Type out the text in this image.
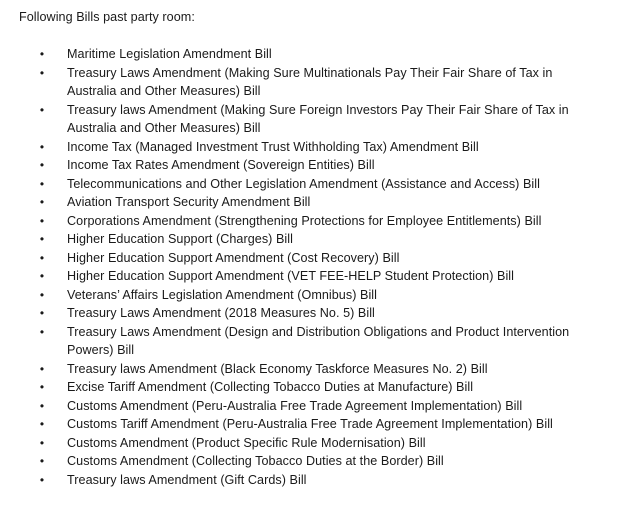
Following Bills past party room:

• Maritime Legislation Amendment Bill
• Treasury Laws Amendment (Making Sure Multinationals Pay Their Fair Share of Tax in Australia and Other Measures) Bill
• Treasury laws Amendment (Making Sure Foreign Investors Pay Their Fair Share of Tax in Australia and Other Measures) Bill
• Income Tax (Managed Investment Trust Withholding Tax) Amendment Bill
• Income Tax Rates Amendment (Sovereign Entities) Bill
• Telecommunications and Other Legislation Amendment (Assistance and Access) Bill
• Aviation Transport Security Amendment Bill
• Corporations Amendment (Strengthening Protections for Employee Entitlements) Bill
• Higher Education Support (Charges) Bill
• Higher Education Support Amendment (Cost Recovery) Bill
• Higher Education Support Amendment (VET FEE-HELP Student Protection) Bill
• Veterans’ Affairs Legislation Amendment (Omnibus) Bill
• Treasury Laws Amendment (2018 Measures No. 5) Bill
• Treasury Laws Amendment (Design and Distribution Obligations and Product Intervention Powers) Bill
• Treasury laws Amendment (Black Economy Taskforce Measures No. 2) Bill
• Excise Tariff Amendment (Collecting Tobacco Duties at Manufacture) Bill
• Customs Amendment (Peru-Australia Free Trade Agreement Implementation) Bill
• Customs Tariff Amendment (Peru-Australia Free Trade Agreement Implementation) Bill
• Customs Amendment (Product Specific Rule Modernisation) Bill
• Customs Amendment (Collecting Tobacco Duties at the Border) Bill
• Treasury laws Amendment (Gift Cards) Bill
